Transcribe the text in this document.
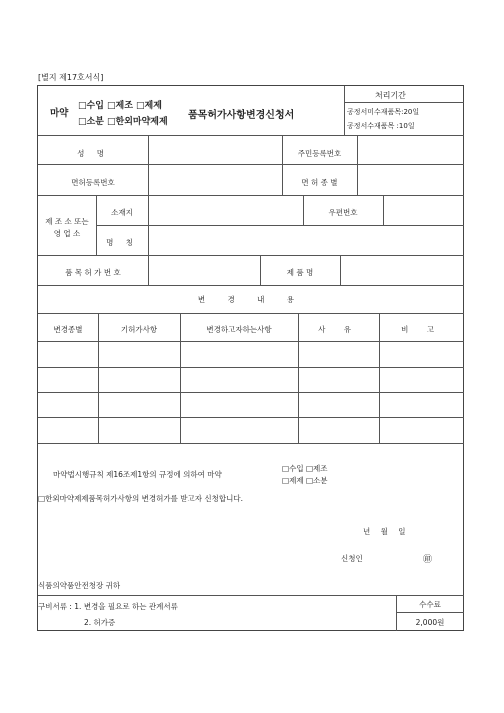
[별지 제17호서식]
마약
□수입 □제조 □제제
□소분 □한외마약제제
품목허가사항변경신청서
처리기간
공정서미수재품목:20일
공정서수재품목 :10일
성 명	주민등록번호
면허등록번호	면 허 종 별
제 조 소 또는
영 업 소
소재지	우편번호
명 칭
품 목 허 가 번 호	제 품 명
변 경 내 용
변경종별	기허가사항	변경하고자하는사항	사 유	비 고
마약법시행규칙 제16조제1항의 규정에 의하여 마약
□수입 □제조
□제제 □소분
□한외마약제제품목허가사항의 변경허가를 받고자 신청합니다.
년 월 일
신청인	㊞
식품의약품안전청장 귀하
구비서류 : 1. 변경을 필요로 하는 관계서류
2. 허가증
수수료
2,000원
